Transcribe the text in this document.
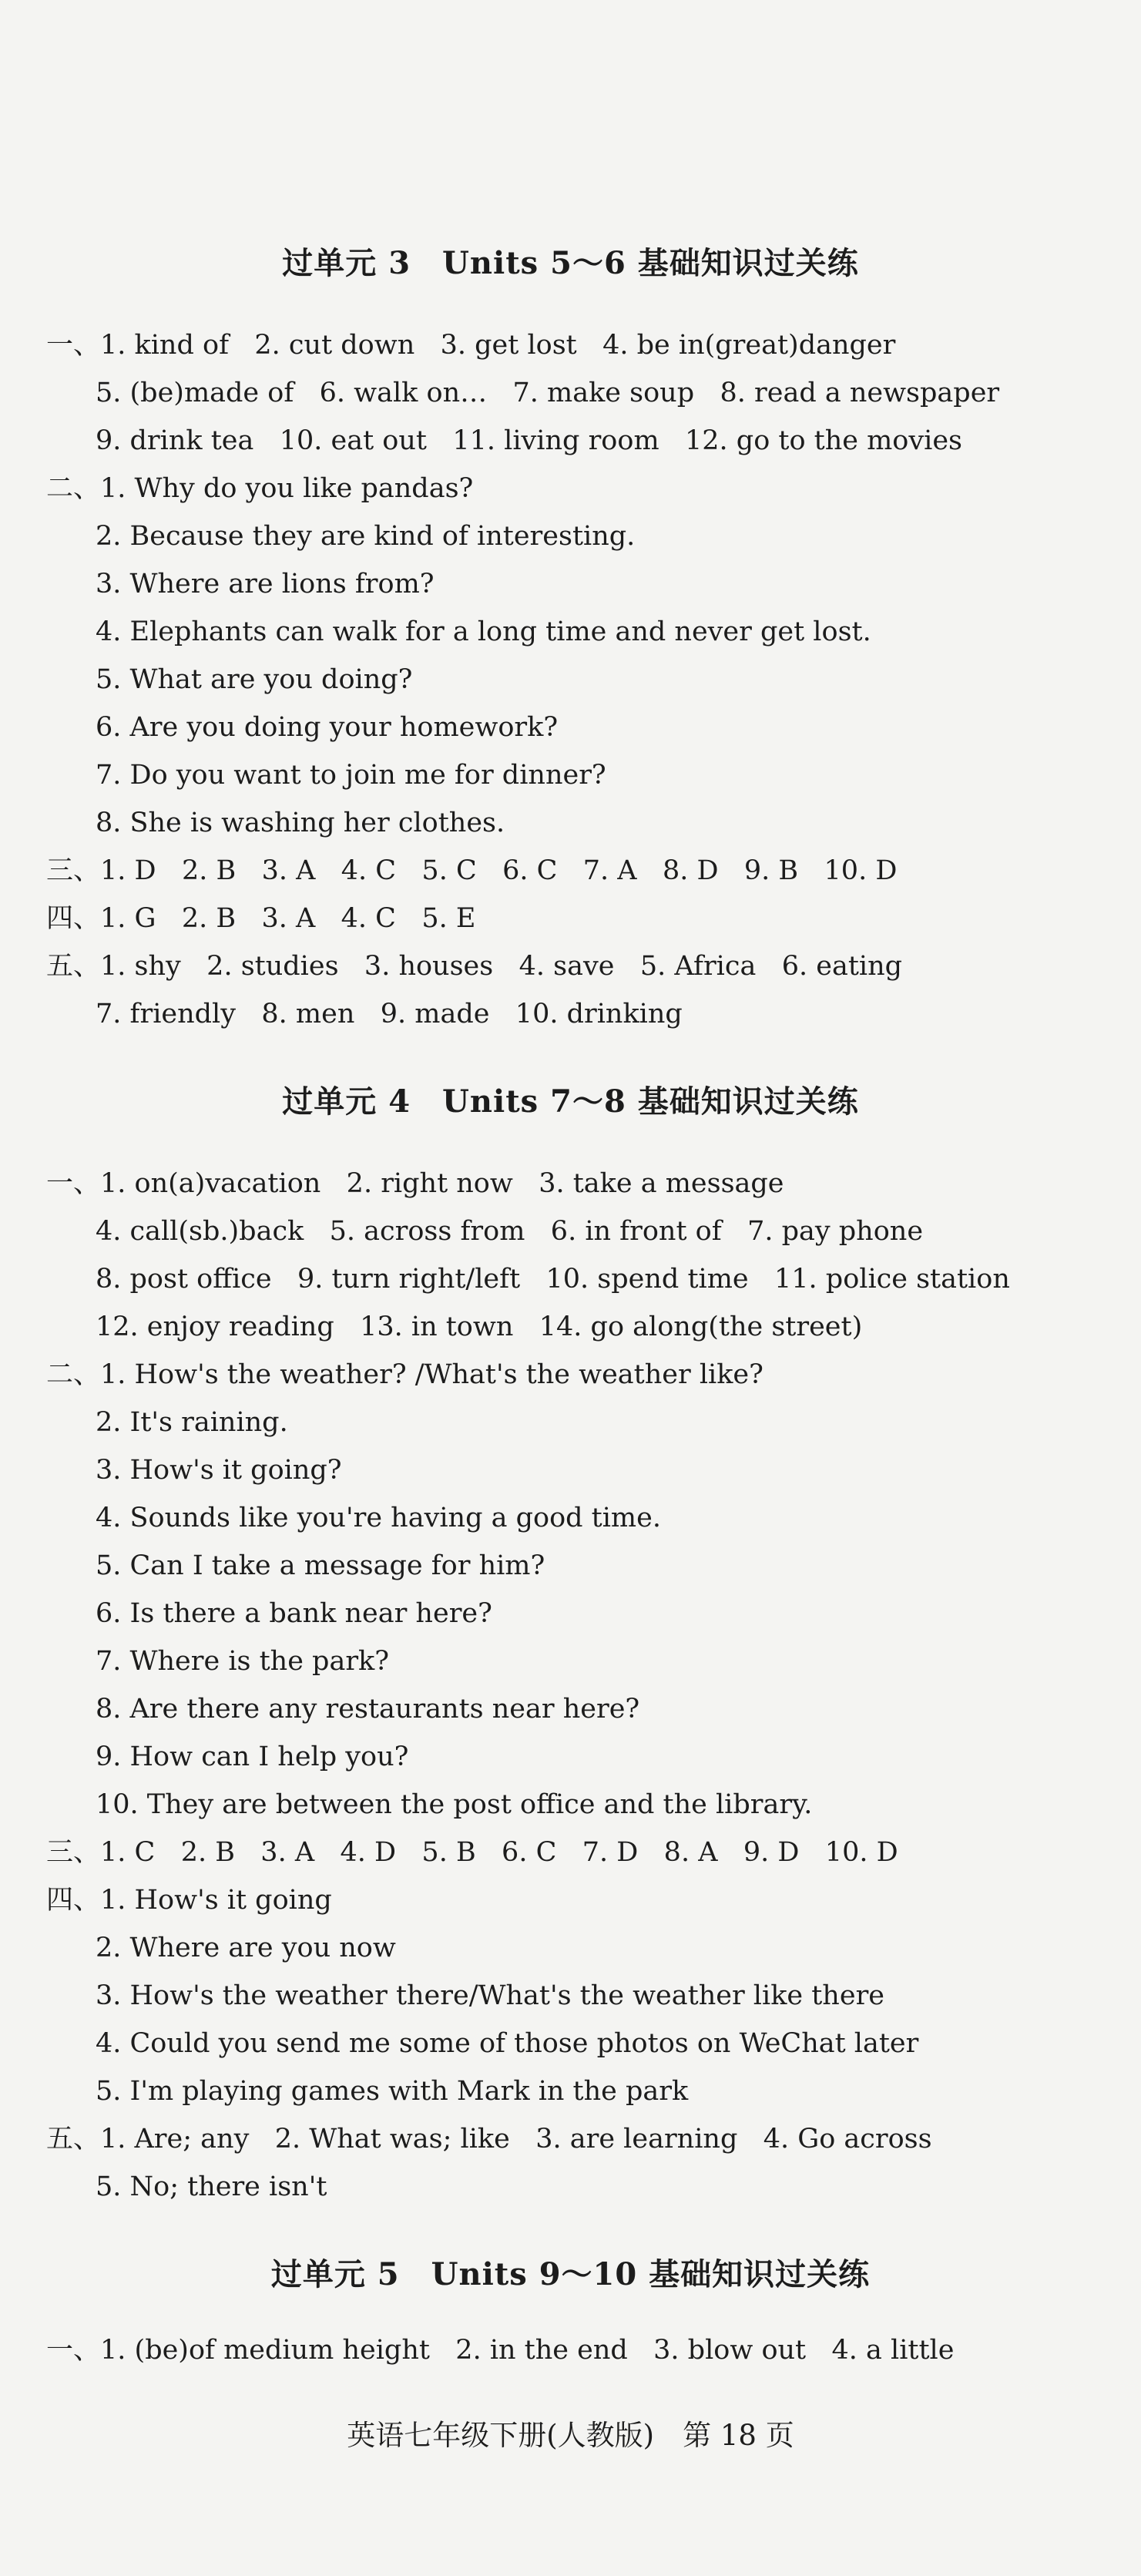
过单元 3　Units 5～6 基础知识过关练
一、1. kind of   2. cut down   3. get lost   4. be in(great)danger
5. (be)made of   6. walk on…   7. make soup   8. read a newspaper
9. drink tea   10. eat out   11. living room   12. go to the movies
二、1. Why do you like pandas?
2. Because they are kind of interesting.
3. Where are lions from?
4. Elephants can walk for a long time and never get lost.
5. What are you doing?
6. Are you doing your homework?
7. Do you want to join me for dinner?
8. She is washing her clothes.
三、1. D   2. B   3. A   4. C   5. C   6. C   7. A   8. D   9. B   10. D
四、1. G   2. B   3. A   4. C   5. E
五、1. shy   2. studies   3. houses   4. save   5. Africa   6. eating
7. friendly   8. men   9. made   10. drinking
过单元 4　Units 7～8 基础知识过关练
一、1. on(a)vacation   2. right now   3. take a message
4. call(sb.)back   5. across from   6. in front of   7. pay phone
8. post office   9. turn right/left   10. spend time   11. police station
12. enjoy reading   13. in town   14. go along(the street)
二、1. How's the weather? /What's the weather like?
2. It's raining.
3. How's it going?
4. Sounds like you're having a good time.
5. Can I take a message for him?
6. Is there a bank near here?
7. Where is the park?
8. Are there any restaurants near here?
9. How can I help you?
10. They are between the post office and the library.
三、1. C   2. B   3. A   4. D   5. B   6. C   7. D   8. A   9. D   10. D
四、1. How's it going
2. Where are you now
3. How's the weather there/What's the weather like there
4. Could you send me some of those photos on WeChat later
5. I'm playing games with Mark in the park
五、1. Are; any   2. What was; like   3. are learning   4. Go across
5. No; there isn't
过单元 5　Units 9～10 基础知识过关练
一、1. (be)of medium height   2. in the end   3. blow out   4. a little
英语七年级下册(人教版)　第 18 页
